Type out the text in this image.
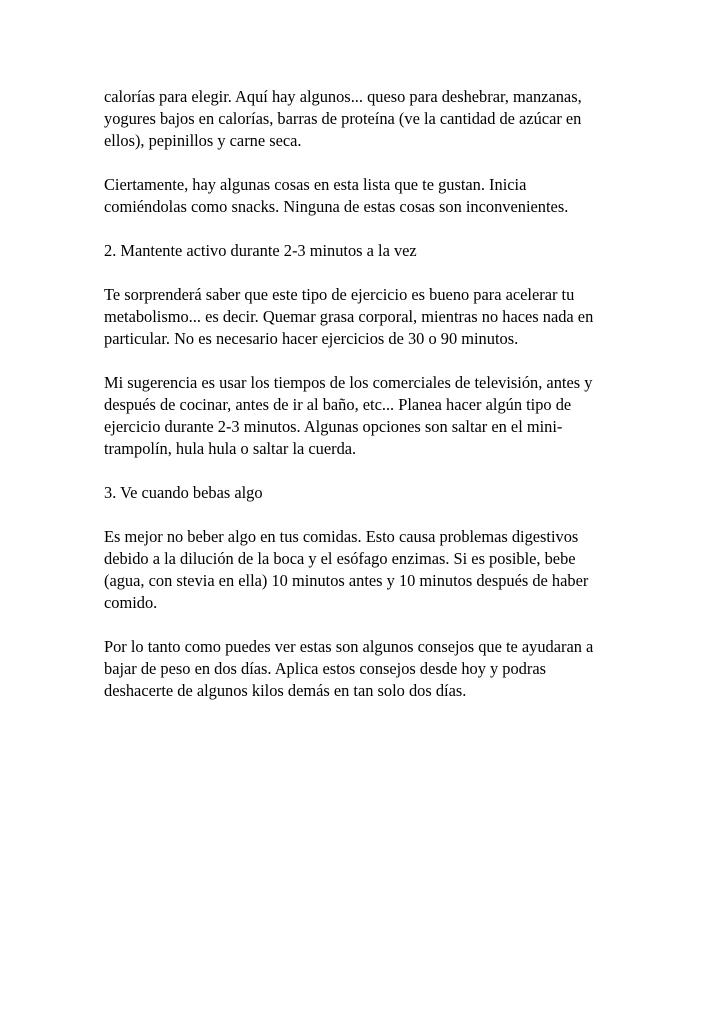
calorías para elegir. Aquí hay algunos... queso para deshebrar, manzanas,
yogures bajos en calorías, barras de proteína (ve la cantidad de azúcar en
ellos), pepinillos y carne seca.
Ciertamente, hay algunas cosas en esta lista que te gustan. Inicia
comiéndolas como snacks. Ninguna de estas cosas son inconvenientes.
2. Mantente activo durante 2-3 minutos a la vez
Te sorprenderá saber que este tipo de ejercicio es bueno para acelerar tu
metabolismo... es decir. Quemar grasa corporal, mientras no haces nada en
particular. No es necesario hacer ejercicios de 30 o 90 minutos.
Mi sugerencia es usar los tiempos de los comerciales de televisión, antes y
después de cocinar, antes de ir al baño, etc... Planea hacer algún tipo de
ejercicio durante 2-3 minutos. Algunas opciones son saltar en el mini-
trampolín, hula hula o saltar la cuerda.
3. Ve cuando bebas algo
Es mejor no beber algo en tus comidas. Esto causa problemas digestivos
debido a la dilución de la boca y el esófago enzimas. Si es posible, bebe
(agua, con stevia en ella) 10 minutos antes y 10 minutos después de haber
comido.
Por lo tanto como puedes ver estas son algunos consejos que te ayudaran a
bajar de peso en dos días. Aplica estos consejos desde hoy y podras
deshacerte de algunos kilos demás en tan solo dos días.
